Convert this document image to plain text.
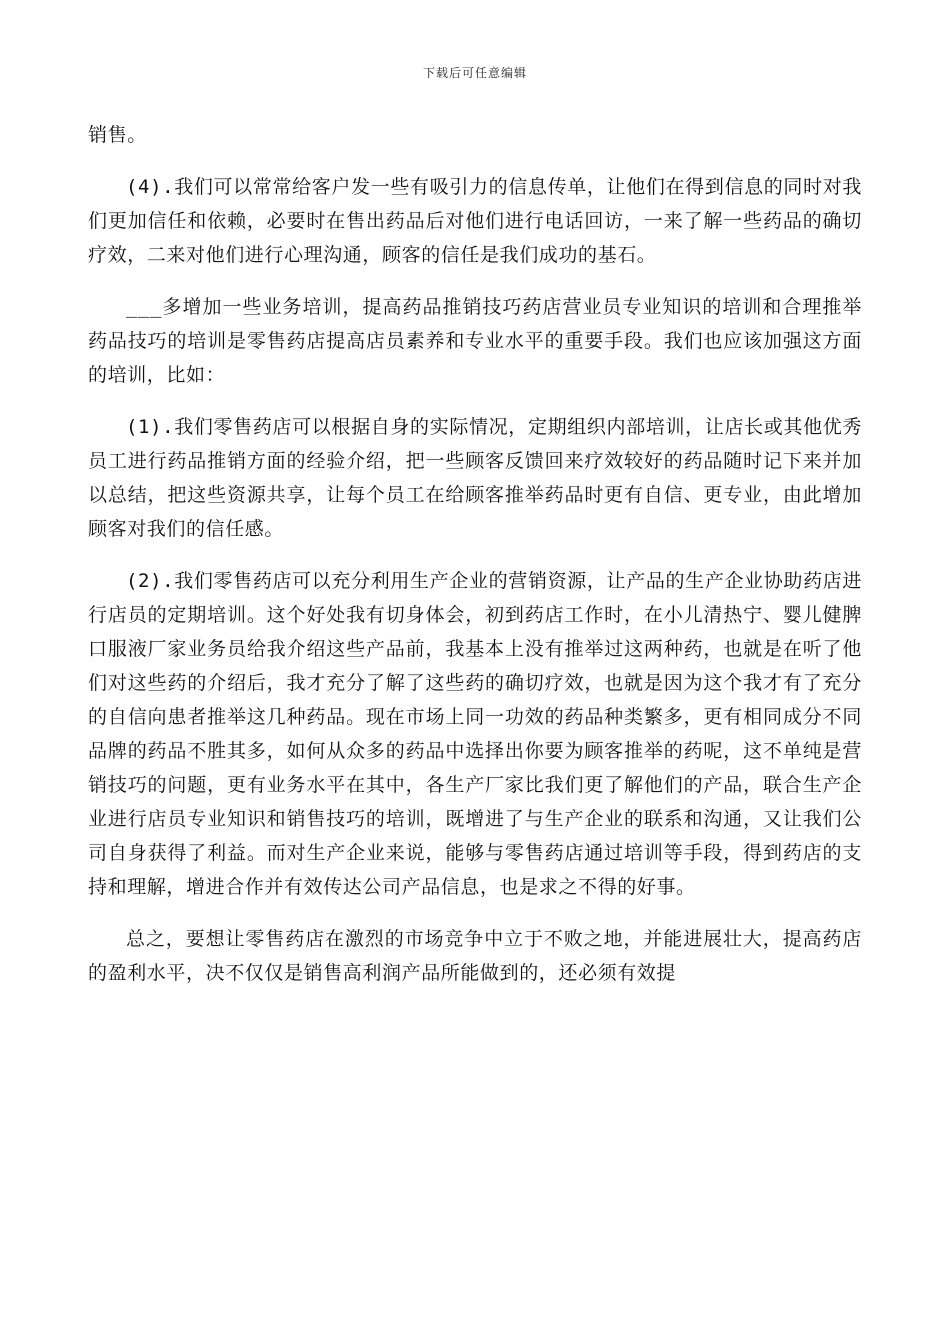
下载后可任意编辑

销售。

(4).我们可以常常给客户发一些有吸引力的信息传单，让他们在得到信息的同时对我们更加信任和依赖，必要时在售出药品后对他们进行电话回访，一来了解一些药品的确切疗效，二来对他们进行心理沟通，顾客的信任是我们成功的基石。

___多增加一些业务培训，提高药品推销技巧药店营业员专业知识的培训和合理推举药品技巧的培训是零售药店提高店员素养和专业水平的重要手段。我们也应该加强这方面的培训，比如：

(1).我们零售药店可以根据自身的实际情况，定期组织内部培训，让店长或其他优秀员工进行药品推销方面的经验介绍，把一些顾客反馈回来疗效较好的药品随时记下来并加以总结，把这些资源共享，让每个员工在给顾客推举药品时更有自信、更专业，由此增加顾客对我们的信任感。

(2).我们零售药店可以充分利用生产企业的营销资源，让产品的生产企业协助药店进行店员的定期培训。这个好处我有切身体会，初到药店工作时，在小儿清热宁、婴儿健脾口服液厂家业务员给我介绍这些产品前，我基本上没有推举过这两种药，也就是在听了他们对这些药的介绍后，我才充分了解了这些药的确切疗效，也就是因为这个我才有了充分的自信向患者推举这几种药品。现在市场上同一功效的药品种类繁多，更有相同成分不同品牌的药品不胜其多，如何从众多的药品中选择出你要为顾客推举的药呢，这不单纯是营销技巧的问题，更有业务水平在其中，各生产厂家比我们更了解他们的产品，联合生产企业进行店员专业知识和销售技巧的培训，既增进了与生产企业的联系和沟通，又让我们公司自身获得了利益。而对生产企业来说，能够与零售药店通过培训等手段，得到药店的支持和理解，增进合作并有效传达公司产品信息，也是求之不得的好事。

总之，要想让零售药店在激烈的市场竞争中立于不败之地，并能进展壮大，提高药店的盈利水平，决不仅仅是销售高利润产品所能做到的，还必须有效提
